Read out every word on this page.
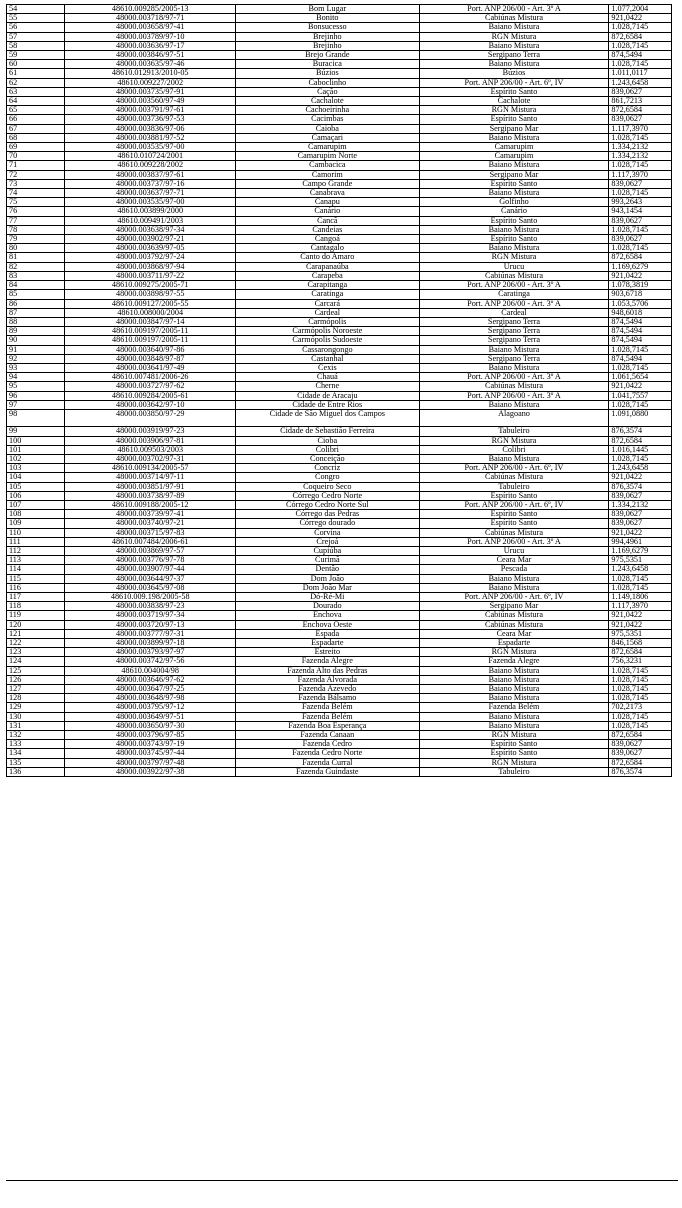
54	48610.009285/2005-13	Bom Lugar	Port. ANP 206/00 - Art. 3º A	1.077,2004
55	48000.003718/97-71	Bonito	Cabiúnas Mistura	921,0422
56	48000.003658/97-41	Bonsucesso	Baiano Mistura	1.028,7145
57	48000.003789/97-10	Brejinho	RGN Mistura	872,6584
58	48000.003636/97-17	Brejinho	Baiano Mistura	1.028,7145
59	48000.003846/97-51	Brejo Grande	Sergipano Terra	874,5494
60	48000.003635/97-46	Buracica	Baiano Mistura	1.028,7145
61	48610.012913/2010-05	Búzios	Búzios	1.011,0117
62	48610.009227/2002	Caboclinho	Port. ANP 206/00 - Art. 6º, IV	1.243,6458
63	48000.003735/97-91	Cação	Espírito Santo	839,0627
64	48000.003560/97-49	Cachalote	Cachalote	861,7213
65	48000.003791/97-61	Cachoeirinha	RGN Mistura	872,6584
66	48000.003736/97-53	Cacimbas	Espírito Santo	839,0627
67	48000.003836/97-06	Caioba	Sergipano Mar	1.117,3970
68	48000.003881/97-52	Camaçari	Baiano Mistura	1.028,7145
69	48000.003535/97-00	Camarupim	Camarupim	1.334,2132
70	48610.010724/2001	Camarupim Norte	Camarupim	1.334,2132
71	48610.009228/2002	Cambacica	Baiano Mistura	1.028,7145
72	48000.003837/97-61	Camorim	Sergipano Mar	1.117,3970
73	48000.003737/97-16	Campo Grande	Espírito Santo	839,0627
74	48000.003637/97-71	Canabrava	Baiano Mistura	1.028,7145
75	48000.003535/97-00	Canapu	Golfinho	993,2643
76	48610.003899/2000	Canário	Canário	943,1454
77	48610.009491/2003	Cancã	Espírito Santo	839,0627
78	48000.003638/97-34	Candeias	Baiano Mistura	1.028,7145
79	48000.003902/97-21	Cangoá	Espírito Santo	839,0627
80	48000.003639/97-05	Cantagalo	Baiano Mistura	1.028,7145
81	48000.003792/97-24	Canto do Amaro	RGN Mistura	872,6584
82	48000.003868/97-94	Carapanaúba	Urucu	1.169,6279
83	48000.003711/97-22	Carapeba	Cabiúnas Mistura	921,0422
84	48610.009275/2005-71	Carapitanga	Port. ANP 206/00 - Art. 3º A	1.078,3819
85	48000.003898/97-55	Caratinga	Caratinga	903,6718
86	48610.009127/2005-55	Carcará	Port. ANP 206/00 - Art. 3º A	1.053,5706
87	48610.008000/2004	Cardeal	Cardeal	948,6018
88	48000.003847/97-14	Carmópolis	Sergipano Terra	874,5494
89	48610.009197/2005-11	Carmópolis Noroeste	Sergipano Terra	874,5494
90	48610.009197/2005-11	Carmópolis Sudoeste	Sergipano Terra	874,5494
91	48000.003640/97-86	Cassarongongo	Baiano Mistura	1.028,7145
92	48000.003848/97-87	Castanhal	Sergipano Terra	874,5494
93	48000.003641/97-49	Cexis	Baiano Mistura	1.028,7145
94	48610.007481/2006-26	Chauá	Port. ANP 206/00 - Art. 3º A	1.061,5654
95	48000.003727/97-62	Cherne	Cabiúnas Mistura	921,0422
96	48610.009284/2005-61	Cidade de Aracaju	Port. ANP 206/00 - Art. 3º A	1.041,7557
97	48000.003642/97-10	Cidade de Entre Rios	Baiano Mistura	1.028,7145
98	48000.003850/97-29	Cidade de São Miguel dos Campos	Alagoano	1.091,0880
99	48000.003919/97-23	Cidade de Sebastião Ferreira	Tabuleiro	876,3574
100	48000.003906/97-81	Cioba	RGN Mistura	872,6584
101	48610.009503/2003	Colibri	Colibri	1.016,1445
102	48000.003702/97-31	Conceição	Baiano Mistura	1.028,7145
103	48610.009134/2005-57	Concriz	Port. ANP 206/00 - Art. 6º, IV	1.243,6458
104	48000.003714/97-11	Congro	Cabiúnas Mistura	921,0422
105	48000.003851/97-91	Coqueiro Seco	Tabuleiro	876,3574
106	48000.003738/97-89	Córrego Cedro Norte	Espírito Santo	839,0627
107	48610.009188/2005-12	Córrego Cedro Norte Sul	Port. ANP 206/00 - Art. 6º, IV	1.334,2132
108	48000.003739/97-41	Córrego das Pedras	Espírito Santo	839,0627
109	48000.003740/97-21	Córrego dourado	Espírito Santo	839,0627
110	48000.003715/97-83	Corvina	Cabiúnas Mistura	921,0422
111	48610.007484/2006-61	Crejoá	Port. ANP 206/00 - Art. 3º A	994,4961
112	48000.003869/97-57	Cupiúba	Urucu	1.169,6279
113	48000.003776/97-78	Curimã	Ceara Mar	975,5351
114	48000.003907/97-44	Dentão	Pescada	1.243,6458
115	48000.003644/97-37	Dom João	Baiano Mistura	1.028,7145
116	48000.003645/97-08	Dom João Mar	Baiano Mistura	1.028,7145
117	48610.009.198/2005-58	Dó-Ré-Mi	Port. ANP 206/00 - Art. 6º, IV	1.149,1806
118	48000.003838/97-23	Dourado	Sergipano Mar	1.117,3970
119	48000.003719/97-34	Enchova	Cabiúnas Mistura	921,0422
120	48000.003720/97-13	Enchova Oeste	Cabiúnas Mistura	921,0422
121	48000.003777/97-31	Espada	Ceara Mar	975,5351
122	48000.003899/97-18	Espadarte	Espadarte	846,1568
123	48000.003793/97-97	Estreito	RGN Mistura	872,6584
124	48000.003742/97-56	Fazenda Alegre	Fazenda Alegre	756,3231
125	48610.004004/98	Fazenda Alto das Pedras	Baiano Mistura	1.028,7145
126	48000.003646/97-62	Fazenda Alvorada	Baiano Mistura	1.028,7145
127	48000.003647/97-25	Fazenda Azevedo	Baiano Mistura	1.028,7145
128	48000.003648/97-98	Fazenda Bálsamo	Baiano Mistura	1.028,7145
129	48000.003795/97-12	Fazenda Belém	Fazenda Belém	702,2173
130	48000.003649/97-51	Fazenda Belém	Baiano Mistura	1.028,7145
131	48000.003650/97-30	Fazenda Boa Esperança	Baiano Mistura	1.028,7145
132	48000.003796/97-85	Fazenda Canaan	RGN Mistura	872,6584
133	48000.003743/97-19	Fazenda Cedro	Espírito Santo	839,0627
134	48000.003745/97-44	Fazenda Cedro Norte	Espírito Santo	839,0627
135	48000.003797/97-48	Fazenda Curral	RGN Mistura	872,6584
136	48000.003922/97-38	Fazenda Guindaste	Tabuleiro	876,3574
